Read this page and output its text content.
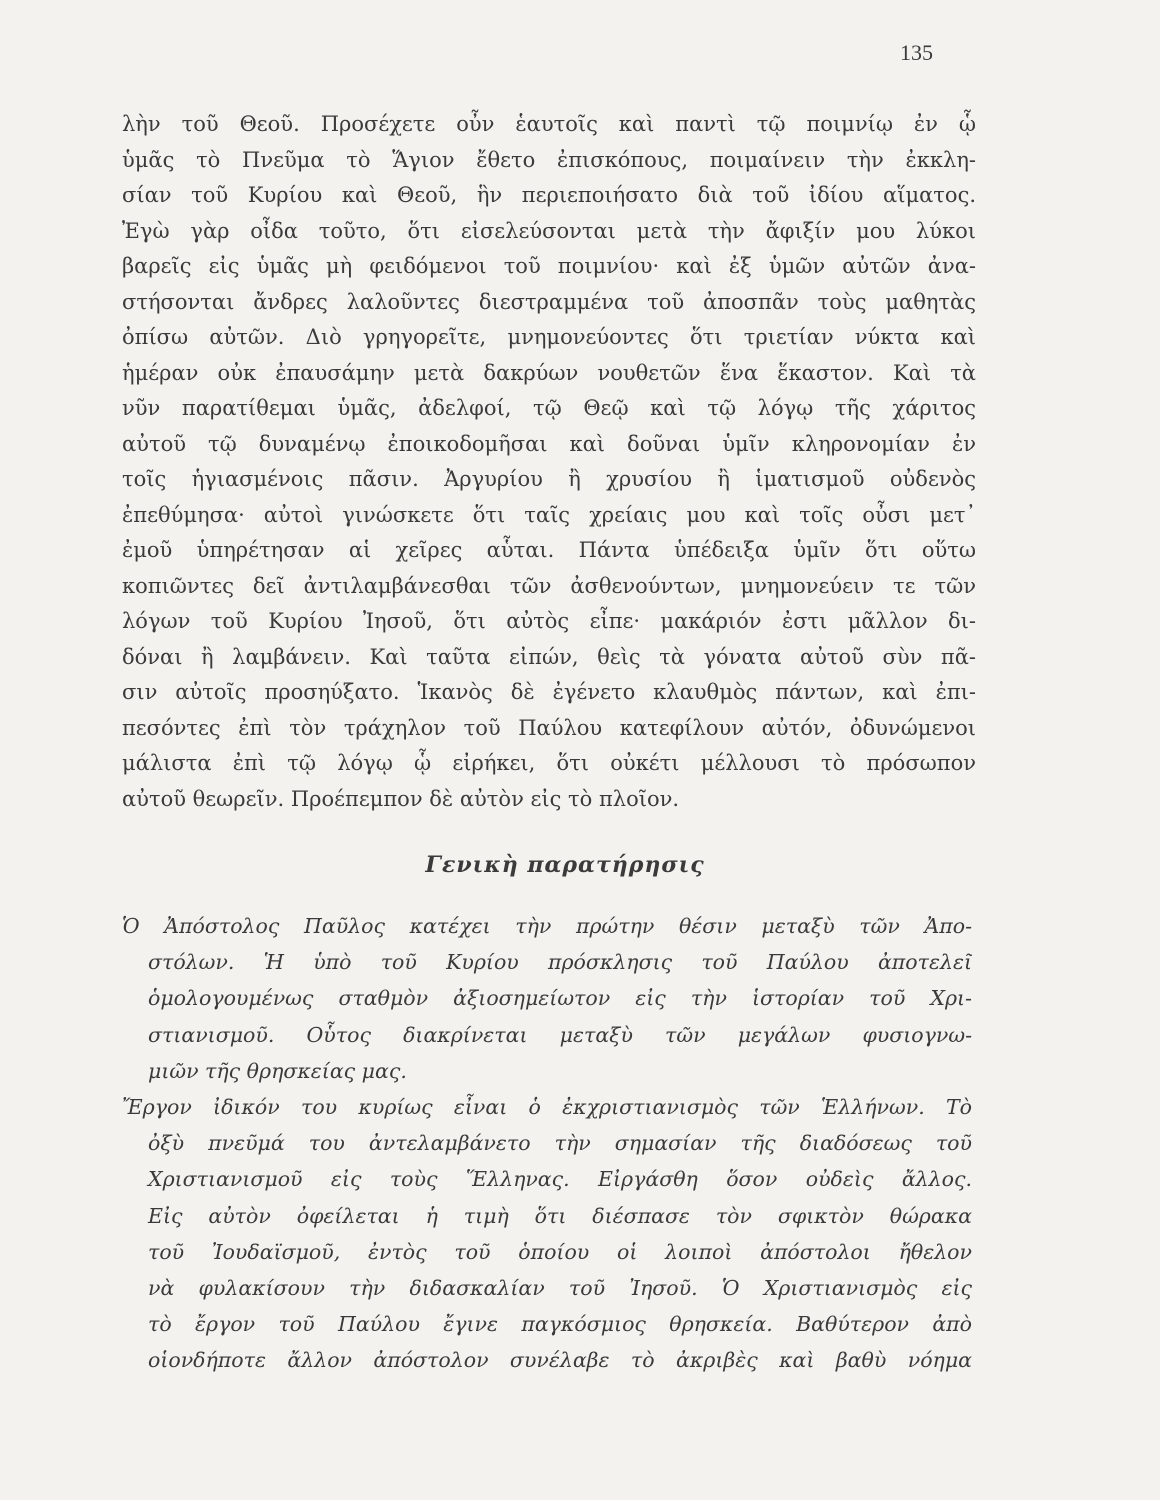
135
λὴν τοῦ Θεοῦ. Προσέχετε οὖν ἑαυτοῖς καὶ παντὶ τῷ ποιμνίῳ ἐν ᾧ
ὑμᾶς τὸ Πνεῦμα τὸ Ἅγιον ἔθετο ἐπισκόπους, ποιμαίνειν τὴν ἐκκλη-
σίαν τοῦ Κυρίου καὶ Θεοῦ, ἣν περιεποιήσατο διὰ τοῦ ἰδίου αἵματος.
Ἐγὼ γὰρ οἶδα τοῦτο, ὅτι εἰσελεύσονται μετὰ τὴν ἄφιξίν μου λύκοι
βαρεῖς εἰς ὑμᾶς μὴ φειδόμενοι τοῦ ποιμνίου· καὶ ἐξ ὑμῶν αὐτῶν ἀνα-
στήσονται ἄνδρες λαλοῦντες διεστραμμένα τοῦ ἀποσπᾶν τοὺς μαθητὰς
ὀπίσω αὐτῶν. Διὸ γρηγορεῖτε, μνημονεύοντες ὅτι τριετίαν νύκτα καὶ
ἡμέραν οὐκ ἐπαυσάμην μετὰ δακρύων νουθετῶν ἕνα ἕκαστον. Καὶ τὰ
νῦν παρατίθεμαι ὑμᾶς, ἀδελφοί, τῷ Θεῷ καὶ τῷ λόγῳ τῆς χάριτος
αὐτοῦ τῷ δυναμένῳ ἐποικοδομῆσαι καὶ δοῦναι ὑμῖν κληρονομίαν ἐν
τοῖς ἡγιασμένοις πᾶσιν. Ἀργυρίου ἢ χρυσίου ἢ ἱματισμοῦ οὐδενὸς
ἐπεθύμησα· αὐτοὶ γινώσκετε ὅτι ταῖς χρείαις μου καὶ τοῖς οὖσι μετ᾽
ἐμοῦ ὑπηρέτησαν αἱ χεῖρες αὗται. Πάντα ὑπέδειξα ὑμῖν ὅτι οὕτω
κοπιῶντες δεῖ ἀντιλαμβάνεσθαι τῶν ἀσθενούντων, μνημονεύειν τε τῶν
λόγων τοῦ Κυρίου Ἰησοῦ, ὅτι αὐτὸς εἶπε· μακάριόν ἐστι μᾶλλον δι-
δόναι ἢ λαμβάνειν. Καὶ ταῦτα εἰπών, θεὶς τὰ γόνατα αὐτοῦ σὺν πᾶ-
σιν αὐτοῖς προσηύξατο. Ἱκανὸς δὲ ἐγένετο κλαυθμὸς πάντων, καὶ ἐπι-
πεσόντες ἐπὶ τὸν τράχηλον τοῦ Παύλου κατεφίλουν αὐτόν, ὀδυνώμενοι
μάλιστα ἐπὶ τῷ λόγῳ ᾧ εἰρήκει, ὅτι οὐκέτι μέλλουσι τὸ πρόσωπον
αὐτοῦ θεωρεῖν. Προέπεμπον δὲ αὐτὸν εἰς τὸ πλοῖον.
Γενικὴ παρατήρησις
Ὁ Ἀπόστολος Παῦλος κατέχει τὴν πρώτην θέσιν μεταξὺ τῶν Ἀπο-
στόλων. Ἡ ὑπὸ τοῦ Κυρίου πρόσκλησις τοῦ Παύλου ἀποτελεῖ
ὁμολογουμένως σταθμὸν ἀξιοσημείωτον εἰς τὴν ἱστορίαν τοῦ Χρι-
στιανισμοῦ. Οὗτος διακρίνεται μεταξὺ τῶν μεγάλων φυσιογνω-
μιῶν τῆς θρησκείας μας.
Ἔργον ἰδικόν του κυρίως εἶναι ὁ ἐκχριστιανισμὸς τῶν Ἑλλήνων. Τὸ
ὀξὺ πνεῦμά του ἀντελαμβάνετο τὴν σημασίαν τῆς διαδόσεως τοῦ
Χριστιανισμοῦ εἰς τοὺς Ἕλληνας. Εἰργάσθη ὅσον οὐδεὶς ἄλλος.
Εἰς αὐτὸν ὀφείλεται ἡ τιμὴ ὅτι διέσπασε τὸν σφικτὸν θώρακα
τοῦ Ἰουδαϊσμοῦ, ἐντὸς τοῦ ὁποίου οἱ λοιποὶ ἀπόστολοι ἤθελον
νὰ φυλακίσουν τὴν διδασκαλίαν τοῦ Ἰησοῦ. Ὁ Χριστιανισμὸς εἰς
τὸ ἔργον τοῦ Παύλου ἔγινε παγκόσμιος θρησκεία. Βαθύτερον ἀπὸ
οἱονδήποτε ἄλλον ἀπόστολον συνέλαβε τὸ ἀκριβὲς καὶ βαθὺ νόημα
